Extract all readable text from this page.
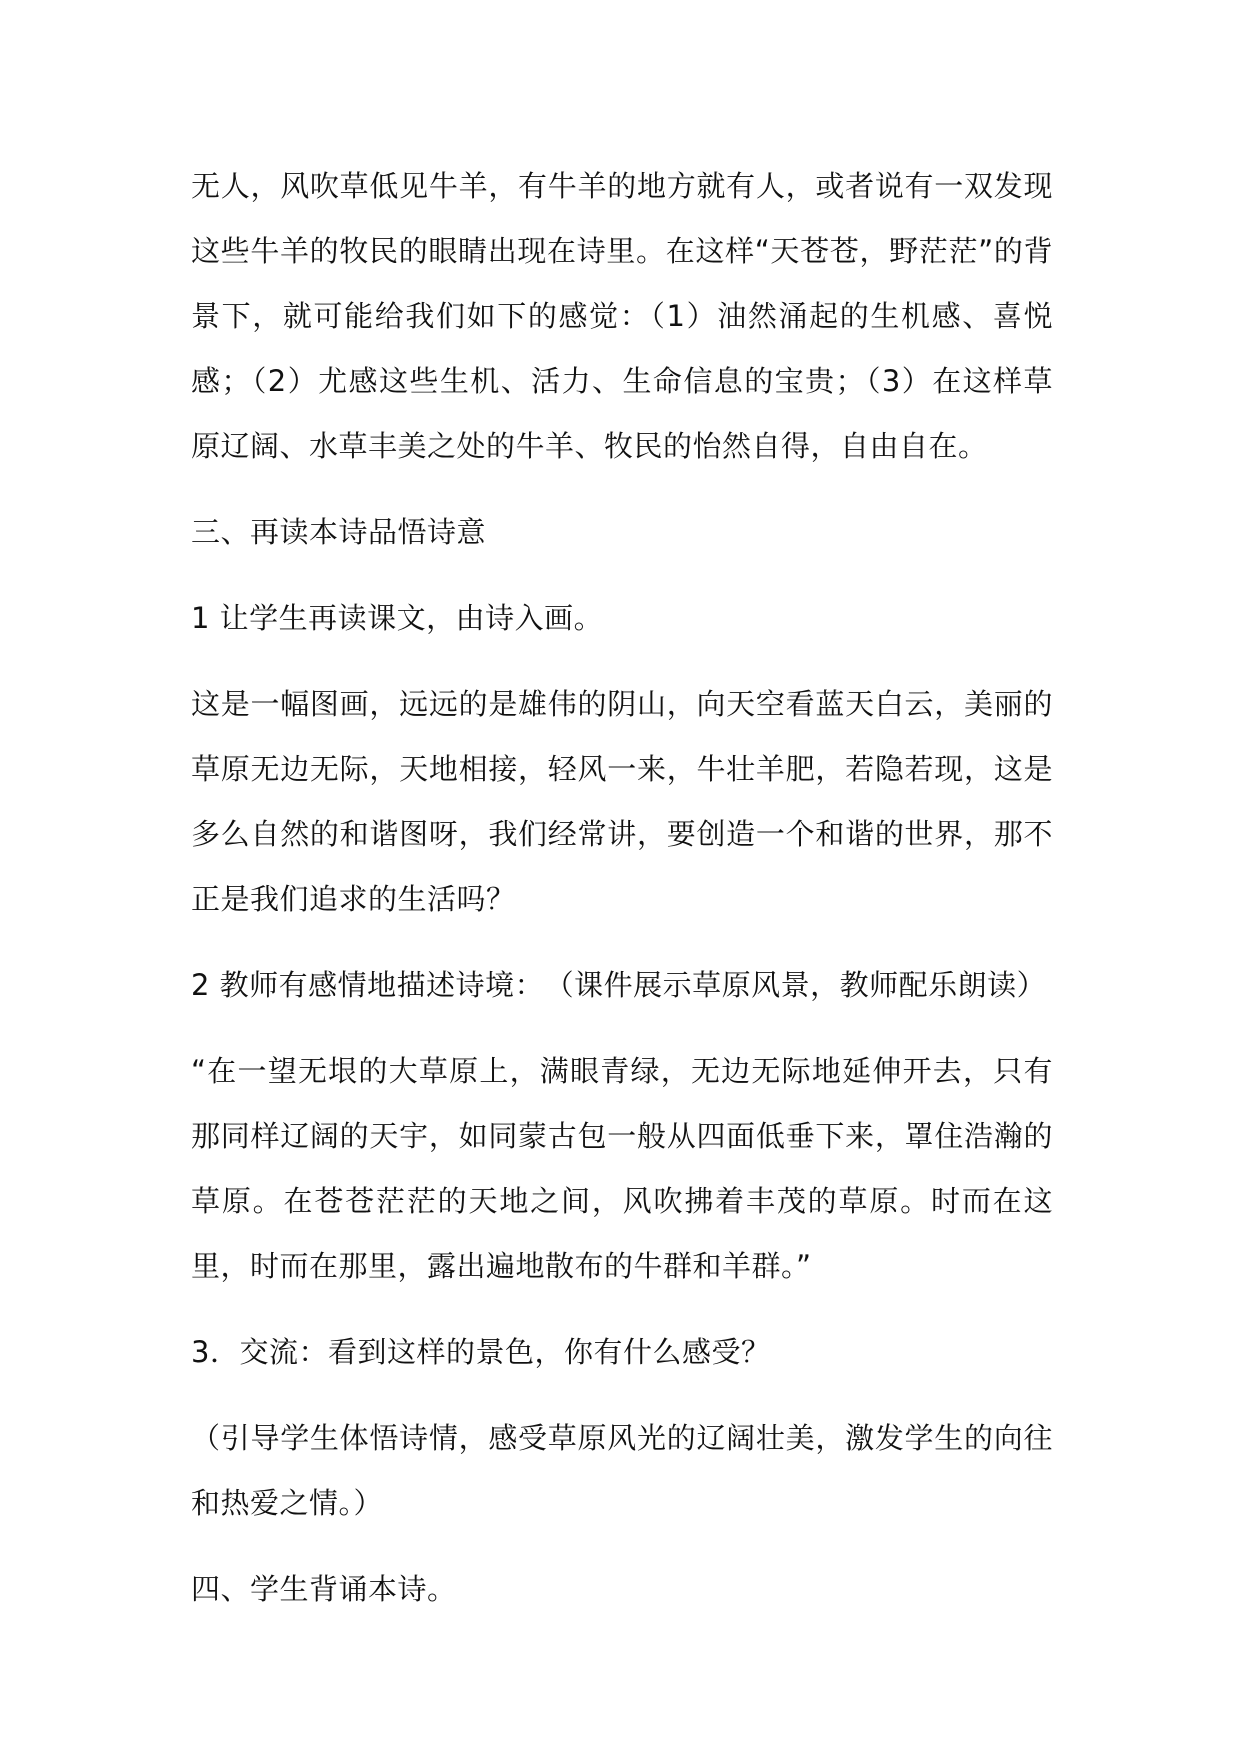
无人，风吹草低见牛羊，有牛羊的地方就有人，或者说有一双发现这些牛羊的牧民的眼睛出现在诗里。在这样“天苍苍，野茫茫”的背景下，就可能给我们如下的感觉：（1）油然涌起的生机感、喜悦感；（2）尤感这些生机、活力、生命信息的宝贵；（3）在这样草原辽阔、水草丰美之处的牛羊、牧民的怡然自得，自由自在。

三、再读本诗品悟诗意

1 让学生再读课文，由诗入画。

这是一幅图画，远远的是雄伟的阴山，向天空看蓝天白云，美丽的草原无边无际，天地相接，轻风一来，牛壮羊肥，若隐若现，这是多么自然的和谐图呀，我们经常讲，要创造一个和谐的世界，那不正是我们追求的生活吗？

2 教师有感情地描述诗境：　（课件展示草原风景，教师配乐朗读）

“在一望无垠的大草原上，满眼青绿，无边无际地延伸开去，只有那同样辽阔的天宇，如同蒙古包一般从四面低垂下来，罩住浩瀚的草原。在苍苍茫茫的天地之间，风吹拂着丰茂的草原。时而在这里，时而在那里，露出遍地散布的牛群和羊群。”

3．交流：看到这样的景色，你有什么感受？

（引导学生体悟诗情，感受草原风光的辽阔壮美，激发学生的向往和热爱之情。）

四、学生背诵本诗。
